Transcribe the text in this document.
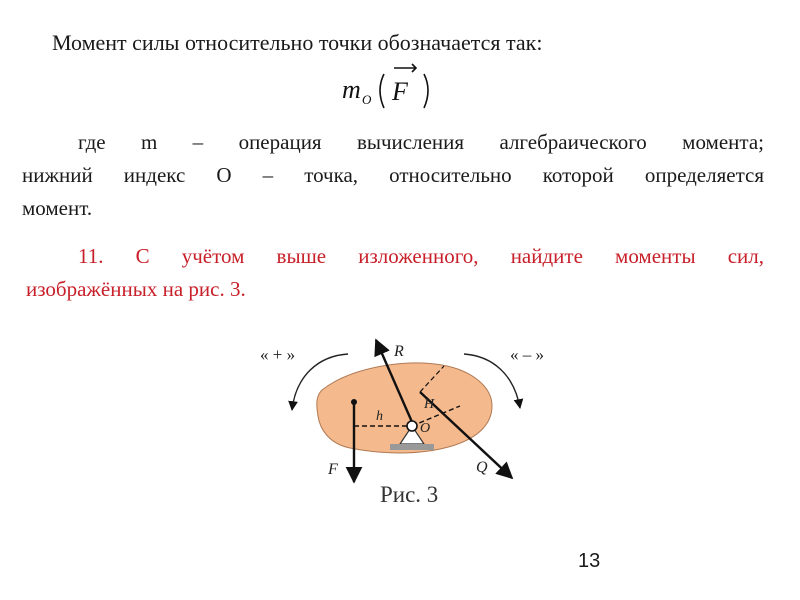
Момент силы относительно точки обозначается так:
m O F
где m – операция вычисления алгебраического момента;
нижний индекс O – точка, относительно которой определяется
момент.
11. С учётом выше изложенного, найдите моменты сил,
изображённых на рис. 3.
« + »	« – »
R
F	Q
h
H
O
Рис. 3
13
